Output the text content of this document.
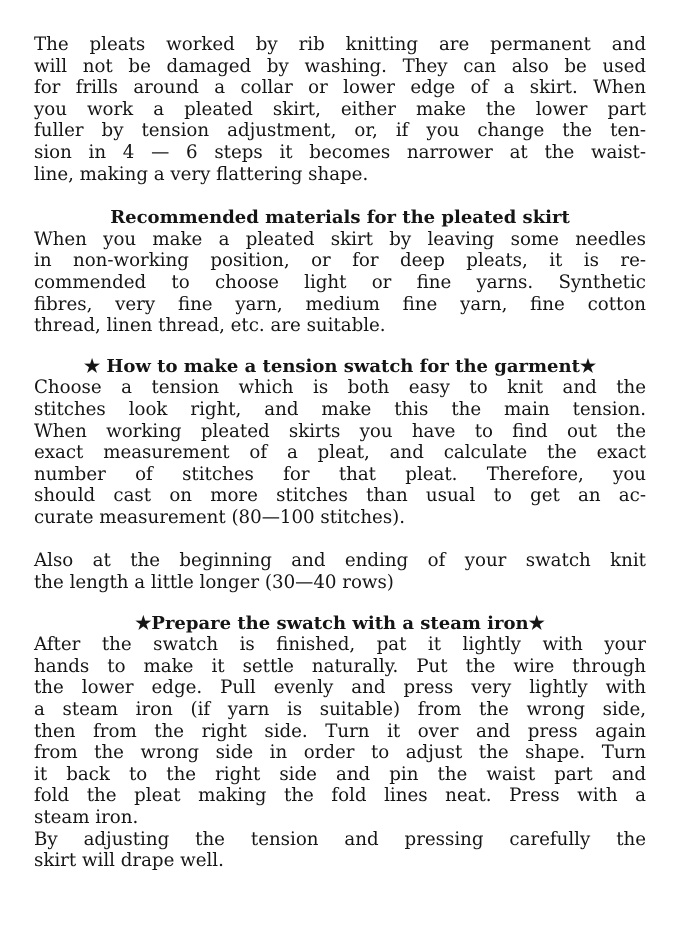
The pleats worked by rib knitting are permanent and
will not be damaged by washing. They can also be used
for frills around a collar or lower edge of a skirt. When
you work a pleated skirt, either make the lower part
fuller by tension adjustment, or, if you change the ten-
sion in 4 — 6 steps it becomes narrower at the waist-
line, making a very flattering shape.

Recommended materials for the pleated skirt

When you make a pleated skirt by leaving some needles
in non-working position, or for deep pleats, it is re-
commended to choose light or fine yarns. Synthetic
fibres, very fine yarn, medium fine yarn, fine cotton
thread, linen thread, etc. are suitable.

★ How to make a tension swatch for the garment★

Choose a tension which is both easy to knit and the
stitches look right, and make this the main tension.
When working pleated skirts you have to find out the
exact measurement of a pleat, and calculate the exact
number of stitches for that pleat. Therefore, you
should cast on more stitches than usual to get an ac-
curate measurement (80—100 stitches).

Also at the beginning and ending of your swatch knit
the length a little longer (30—40 rows)

★Prepare the swatch with a steam iron★

After the swatch is finished, pat it lightly with your
hands to make it settle naturally. Put the wire through
the lower edge. Pull evenly and press very lightly with
a steam iron (if yarn is suitable) from the wrong side,
then from the right side. Turn it over and press again
from the wrong side in order to adjust the shape. Turn
it back to the right side and pin the waist part and
fold the pleat making the fold lines neat. Press with a
steam iron.

By adjusting the tension and pressing carefully the
skirt will drape well.
